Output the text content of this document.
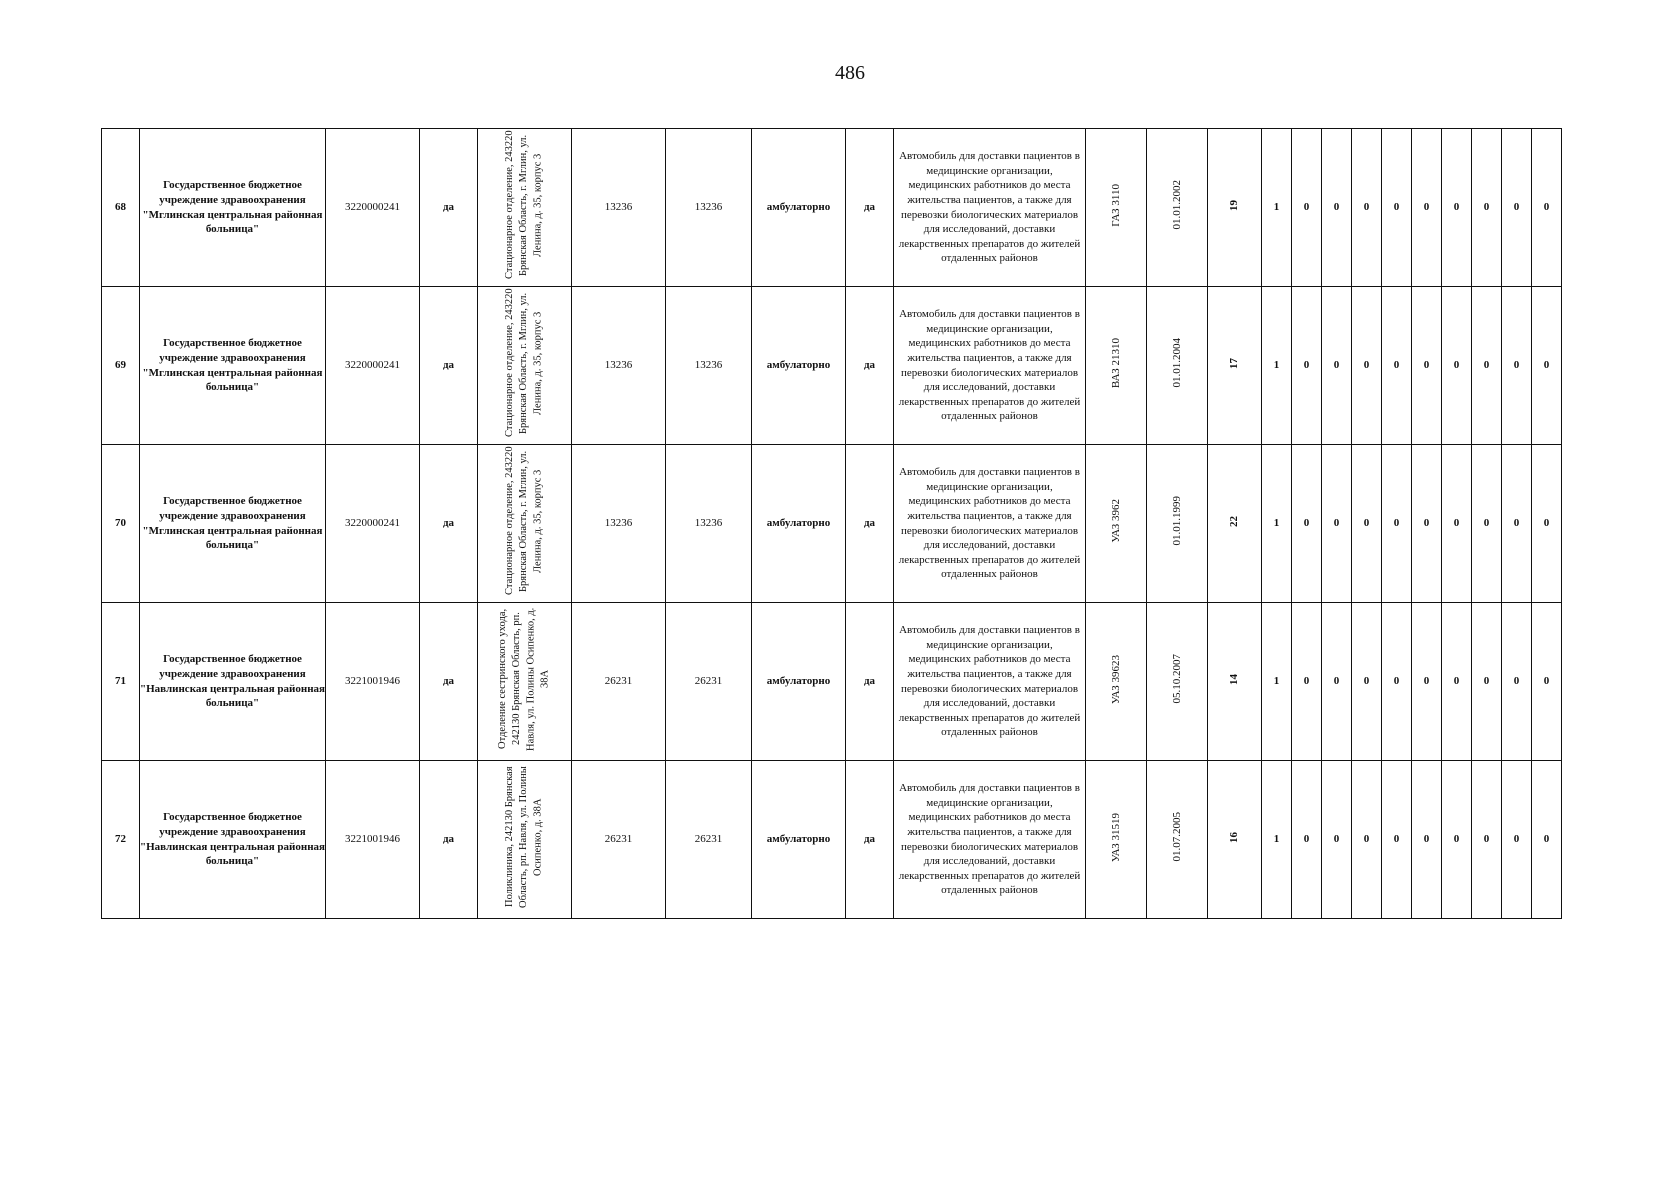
486
68	Государственное бюджетное учреждение здравоохранения "Мглинская центральная районная больница"	3220000241	да	Стационарное отделение, 243220 Брянская Область, г. Мглин, ул. Ленина, д. 35, корпус 3	13236	13236	амбулаторно	да	Автомобиль для доставки пациентов в медицинские организации, медицинских работников до места жительства пациентов, а также для перевозки биологических материалов для исследований, доставки лекарственных препаратов до жителей отдаленных районов	ГАЗ 3110	01.01.2002	19	1	0	0	0	0	0	0	0	0	0
69	Государственное бюджетное учреждение здравоохранения "Мглинская центральная районная больница"	3220000241	да	Стационарное отделение, 243220 Брянская Область, г. Мглин, ул. Ленина, д. 35, корпус 3	13236	13236	амбулаторно	да	Автомобиль для доставки пациентов в медицинские организации, медицинских работников до места жительства пациентов, а также для перевозки биологических материалов для исследований, доставки лекарственных препаратов до жителей отдаленных районов	ВАЗ 21310	01.01.2004	17	1	0	0	0	0	0	0	0	0	0
70	Государственное бюджетное учреждение здравоохранения "Мглинская центральная районная больница"	3220000241	да	Стационарное отделение, 243220 Брянская Область, г. Мглин, ул. Ленина, д. 35, корпус 3	13236	13236	амбулаторно	да	Автомобиль для доставки пациентов в медицинские организации, медицинских работников до места жительства пациентов, а также для перевозки биологических материалов для исследований, доставки лекарственных препаратов до жителей отдаленных районов	УАЗ 3962	01.01.1999	22	1	0	0	0	0	0	0	0	0	0
71	Государственное бюджетное учреждение здравоохранения "Навлинская центральная районная больница"	3221001946	да	Отделение сестринского ухода, 242130 Брянская Область, рп. Навля, ул. Полины Осипенко, д. 38А	26231	26231	амбулаторно	да	Автомобиль для доставки пациентов в медицинские организации, медицинских работников до места жительства пациентов, а также для перевозки биологических материалов для исследований, доставки лекарственных препаратов до жителей отдаленных районов	УАЗ 39623	05.10.2007	14	1	0	0	0	0	0	0	0	0	0
72	Государственное бюджетное учреждение здравоохранения "Навлинская центральная районная больница"	3221001946	да	Поликлиника, 242130 Брянская Область, рп. Навля, ул. Полины Осипенко, д. 38А	26231	26231	амбулаторно	да	Автомобиль для доставки пациентов в медицинские организации, медицинских работников до места жительства пациентов, а также для перевозки биологических материалов для исследований, доставки лекарственных препаратов до жителей отдаленных районов	УАЗ 31519	01.07.2005	16	1	0	0	0	0	0	0	0	0	0
